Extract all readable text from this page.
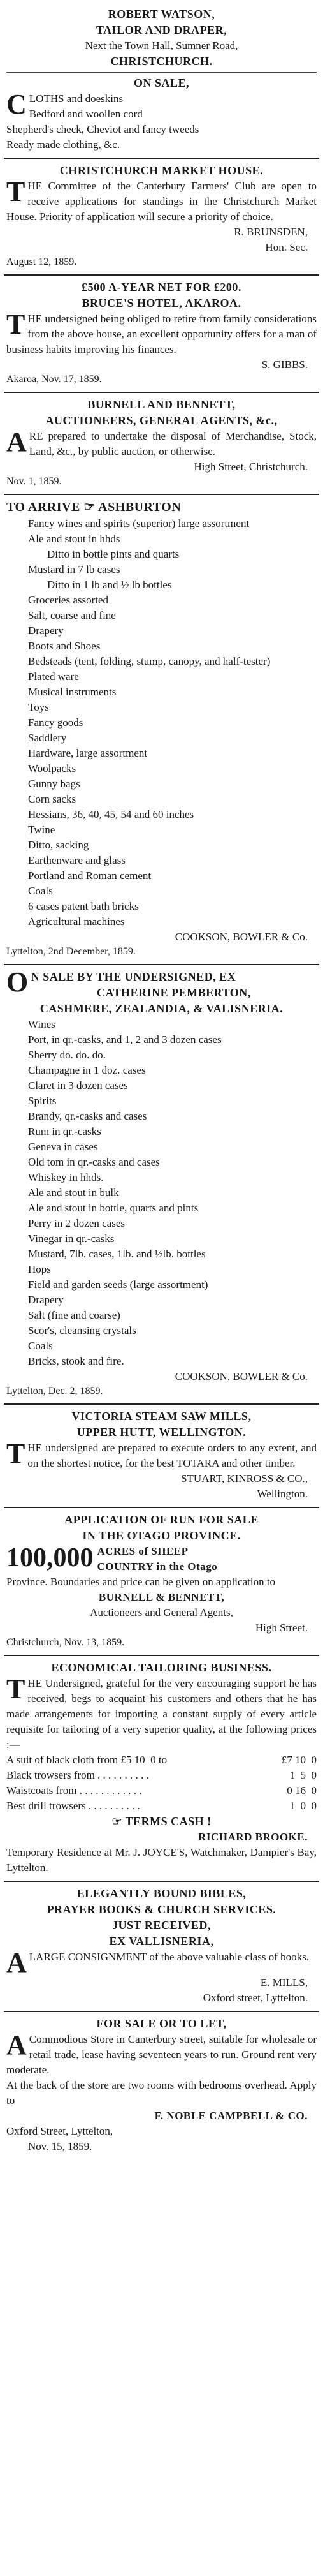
ROBERT WATSON,
TAILOR AND DRAPER,
Next the Town Hall, Sumner Road,
CHRISTCHURCH.
ON SALE,
C LOTHS and doeskins
Bedford and woollen cord
Shepherd's check, Cheviot and fancy tweeds
Ready made clothing, &c.
CHRISTCHURCH MARKET HOUSE.
THE Committee of the Canterbury Farmers' Club are open to receive applications for standings in the Christchurch Market House. Priority of application will secure a priority of choice.
R. BRUNSDEN,
Hon. Sec.
August 12, 1859.
£500 A-YEAR NET FOR £200.
BRUCE'S HOTEL, AKAROA.
THE undersigned being obliged to retire from family considerations from the above house, an excellent opportunity offers for a man of business habits improving his finances.
S. GIBBS.
Akaroa, Nov. 17, 1859.
BURNELL AND BENNETT,
AUCTIONEERS, GENERAL AGENTS, &c.,
ARE prepared to undertake the disposal of Merchandise, Stock, Land, &c., by public auction, or otherwise.
High Street, Christchurch.
Nov. 1, 1859.
TO ARRIVE ☞ ASHBURTON
Fancy wines and spirits (superior) large assortment
Ale and stout in hhds
Ditto in bottle pints and quarts
Mustard in 7 lb cases
Ditto in 1 lb and ½ lb bottles
Groceries assorted
Salt, coarse and fine
Drapery
Boots and Shoes
Bedsteads (tent, folding, stump, canopy, and half-tester)
Plated ware
Musical instruments
Toys
Fancy goods
Saddlery
Hardware, large assortment
Woolpacks
Gunny bags
Corn sacks
Hessians, 36, 40, 45, 54 and 60 inches
Twine
Ditto, sacking
Earthenware and glass
Portland and Roman cement
Coals
6 cases patent bath bricks
Agricultural machines
COOKSON, BOWLER & Co.
Lyttelton, 2nd December, 1859.
O N SALE BY THE UNDERSIGNED, EX
CATHERINE PEMBERTON,
CASHMERE, ZEALANDIA, & VALISNERIA.
Wines
Port, in qr.-casks, and 1, 2 and 3 dozen cases
Sherry do. do. do.
Champagne in 1 doz. cases
Claret in 3 dozen cases
Spirits
Brandy, qr.-casks and cases
Rum in qr.-casks
Geneva in cases
Old tom in qr.-casks and cases
Whiskey in hhds.
Ale and stout in bulk
Ale and stout in bottle, quarts and pints
Perry in 2 dozen cases
Vinegar in qr.-casks
Mustard, 7lb. cases, 1lb. and ½lb. bottles
Hops
Field and garden seeds (large assortment)
Drapery
Salt (fine and coarse)
Scor's, cleansing crystals
Coals
Bricks, stook and fire.
COOKSON, BOWLER & Co.
Lyttelton, Dec. 2, 1859.
VICTORIA STEAM SAW MILLS,
UPPER HUTT, WELLINGTON.
THE undersigned are prepared to execute orders to any extent, and on the shortest notice, for the best TOTARA and other timber.
STUART, KINROSS & CO.,
Wellington.
APPLICATION OF RUN FOR SALE
IN THE OTAGO PROVINCE.
100,000 ACRES of SHEEP
COUNTRY in the Otago
Province. Boundaries and price can be given on application to
BURNELL & BENNETT,
Auctioneers and General Agents,
High Street.
Christchurch, Nov. 13, 1859.
ECONOMICAL TAILORING BUSINESS.
THE Undersigned, grateful for the very encouraging support he has received, begs to acquaint his customers and others that he has made arrangements for importing a constant supply of every article requisite for tailoring of a very superior quality, at the following prices :—
A suit of black cloth from £5 10  0 to	£7 10  0
Black trowsers from . . . . . . . . . .	1  5  0
Waistcoats from . . . . . . . . . . . .	0 16  0
Best drill trowsers . . . . . . . . . .	1  0  0
☞ TERMS CASH !
RICHARD BROOKE.
Temporary Residence at Mr. J. JOYCE'S, Watchmaker, Dampier's Bay, Lyttelton.
ELEGANTLY BOUND BIBLES,
PRAYER BOOKS & CHURCH SERVICES.
JUST RECEIVED,
EX VALLISNERIA,
ALARGE CONSIGNMENT of the above valuable class of books.
E. MILLS,
Oxford street, Lyttelton.
FOR SALE OR TO LET,
A Commodious Store in Canterbury street, suitable for wholesale or retail trade, lease having seventeen years to run. Ground rent very moderate.
At the back of the store are two rooms with bedrooms overhead. Apply to
F. NOBLE CAMPBELL & CO.
Oxford Street, Lyttelton,
Nov. 15, 1859.
